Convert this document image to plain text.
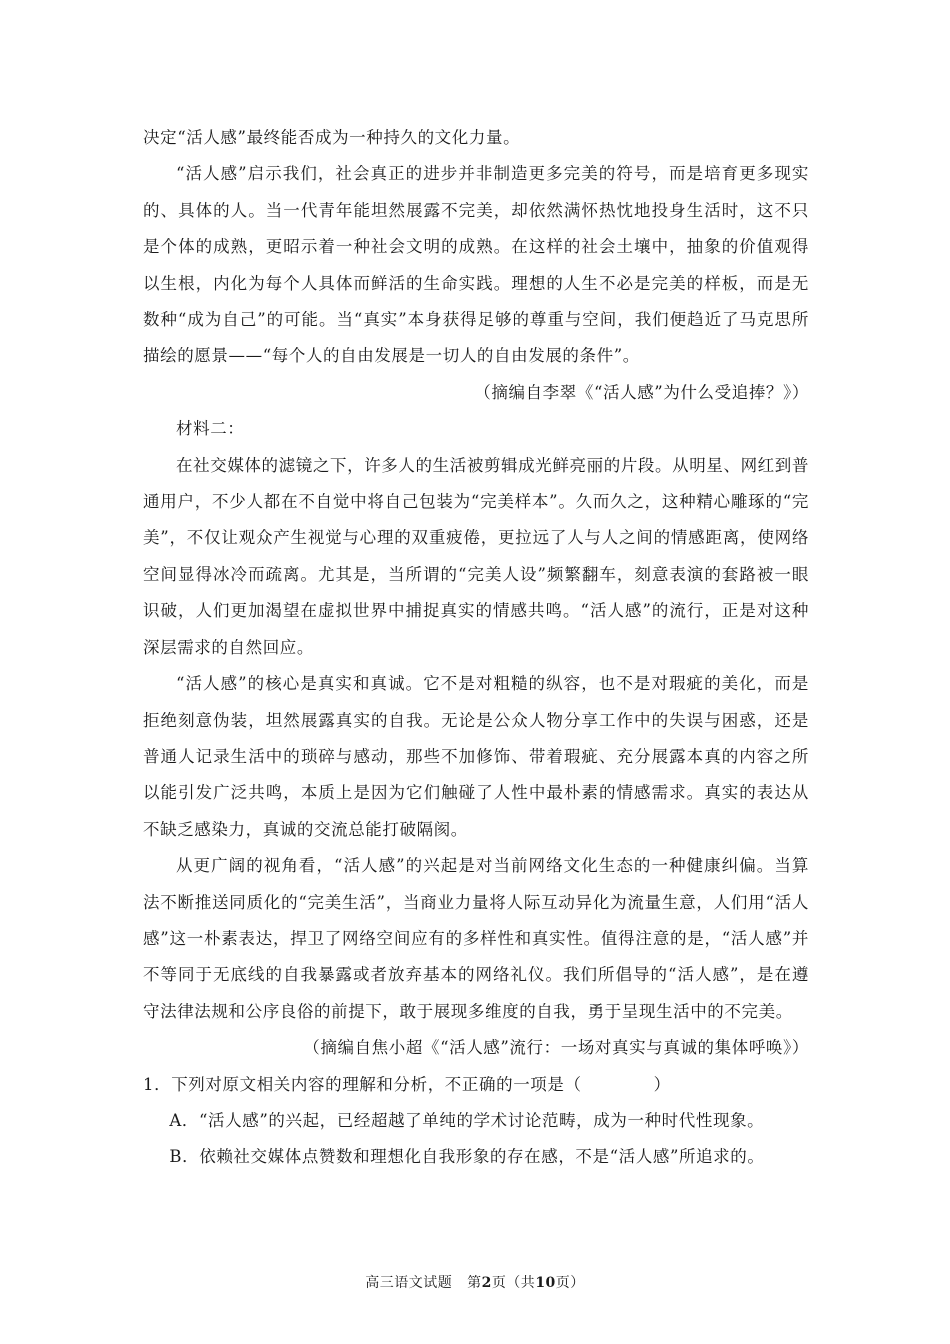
决定“活人感”最终能否成为一种持久的文化力量。

“活人感”启示我们，社会真正的进步并非制造更多完美的符号，而是培育更多现实的、具体的人。当一代青年能坦然展露不完美，却依然满怀热忱地投身生活时，这不只是个体的成熟，更昭示着一种社会文明的成熟。在这样的社会土壤中，抽象的价值观得以生根，内化为每个人具体而鲜活的生命实践。理想的人生不必是完美的样板，而是无数种“成为自己”的可能。当“真实”本身获得足够的尊重与空间，我们便趋近了马克思所描绘的愿景——“每个人的自由发展是一切人的自由发展的条件”。

（摘编自李翠《“活人感”为什么受追捧？》）

材料二：

在社交媒体的滤镜之下，许多人的生活被剪辑成光鲜亮丽的片段。从明星、网红到普通用户，不少人都在不自觉中将自己包装为“完美样本”。久而久之，这种精心雕琢的“完美”，不仅让观众产生视觉与心理的双重疲倦，更拉远了人与人之间的情感距离，使网络空间显得冰冷而疏离。尤其是，当所谓的“完美人设”频繁翻车，刻意表演的套路被一眼识破，人们更加渴望在虚拟世界中捕捉真实的情感共鸣。“活人感”的流行，正是对这种深层需求的自然回应。

“活人感”的核心是真实和真诚。它不是对粗糙的纵容，也不是对瑕疵的美化，而是拒绝刻意伪装，坦然展露真实的自我。无论是公众人物分享工作中的失误与困惑，还是普通人记录生活中的琐碎与感动，那些不加修饰、带着瑕疵、充分展露本真的内容之所以能引发广泛共鸣，本质上是因为它们触碰了人性中最朴素的情感需求。真实的表达从不缺乏感染力，真诚的交流总能打破隔阂。

从更广阔的视角看，“活人感”的兴起是对当前网络文化生态的一种健康纠偏。当算法不断推送同质化的“完美生活”，当商业力量将人际互动异化为流量生意，人们用“活人感”这一朴素表达，捍卫了网络空间应有的多样性和真实性。值得注意的是，“活人感”并不等同于无底线的自我暴露或者放弃基本的网络礼仪。我们所倡导的“活人感”，是在遵守法律法规和公序良俗的前提下，敢于展现多维度的自我，勇于呈现生活中的不完美。

（摘编自焦小超《“活人感”流行：一场对真实与真诚的集体呼唤》）

1．下列对原文相关内容的理解和分析，不正确的一项是（	）

A．“活人感”的兴起，已经超越了单纯的学术讨论范畴，成为一种时代性现象。

B．依赖社交媒体点赞数和理想化自我形象的存在感，不是“活人感”所追求的。

高三语文试题 第2页（共10页）
